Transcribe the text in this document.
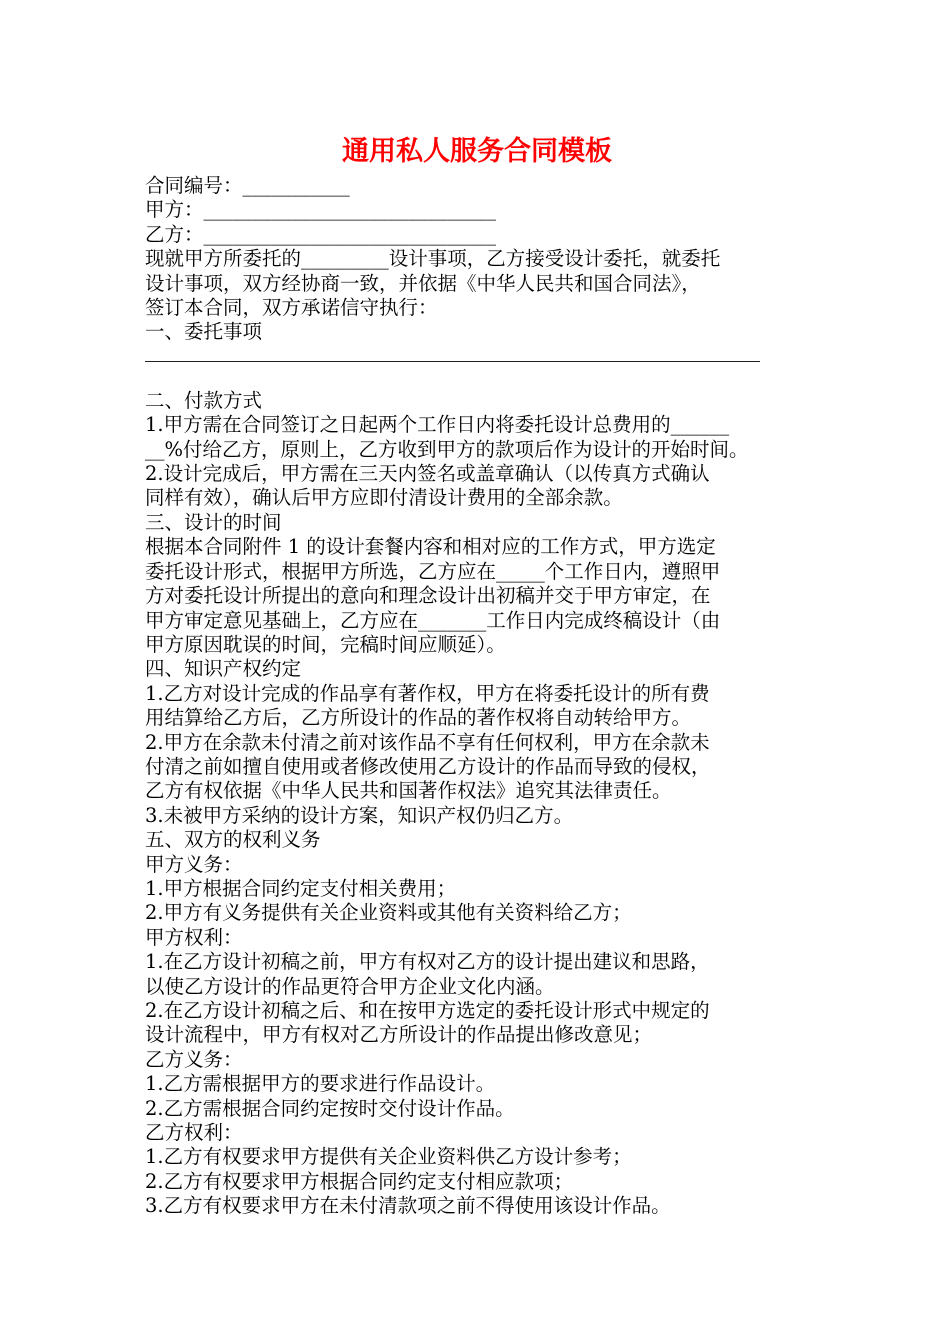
通用私人服务合同模板

合同编号：___________

甲方：______________________________

乙方：______________________________

现就甲方所委托的_________设计事项，乙方接受设计委托，就委托

设计事项，双方经协商一致，并依据《中华人民共和国合同法》，

签订本合同，双方承诺信守执行：

一、委托事项

二、付款方式

1.甲方需在合同签订之日起两个工作日内将委托设计总费用的______

__%付给乙方，原则上，乙方收到甲方的款项后作为设计的开始时间。

2.设计完成后，甲方需在三天内签名或盖章确认（以传真方式确认

同样有效），确认后甲方应即付清设计费用的全部余款。

三、设计的时间

根据本合同附件 1 的设计套餐内容和相对应的工作方式，甲方选定

委托设计形式，根据甲方所选，乙方应在_____个工作日内，遵照甲

方对委托设计所提出的意向和理念设计出初稿并交于甲方审定，在

甲方审定意见基础上，乙方应在_______工作日内完成终稿设计（由

甲方原因耽误的时间，完稿时间应顺延）。

四、知识产权约定

1.乙方对设计完成的作品享有著作权，甲方在将委托设计的所有费

用结算给乙方后，乙方所设计的作品的著作权将自动转给甲方。

2.甲方在余款未付清之前对该作品不享有任何权利，甲方在余款未

付清之前如擅自使用或者修改使用乙方设计的作品而导致的侵权，

乙方有权依据《中华人民共和国著作权法》追究其法律责任。

3.未被甲方采纳的设计方案，知识产权仍归乙方。

五、双方的权利义务

甲方义务：

1.甲方根据合同约定支付相关费用；

2.甲方有义务提供有关企业资料或其他有关资料给乙方；

甲方权利：

1.在乙方设计初稿之前，甲方有权对乙方的设计提出建议和思路，

以使乙方设计的作品更符合甲方企业文化内涵。

2.在乙方设计初稿之后、和在按甲方选定的委托设计形式中规定的

设计流程中，甲方有权对乙方所设计的作品提出修改意见；

乙方义务：

1.乙方需根据甲方的要求进行作品设计。

2.乙方需根据合同约定按时交付设计作品。

乙方权利：

1.乙方有权要求甲方提供有关企业资料供乙方设计参考；

2.乙方有权要求甲方根据合同约定支付相应款项；

3.乙方有权要求甲方在未付清款项之前不得使用该设计作品。
